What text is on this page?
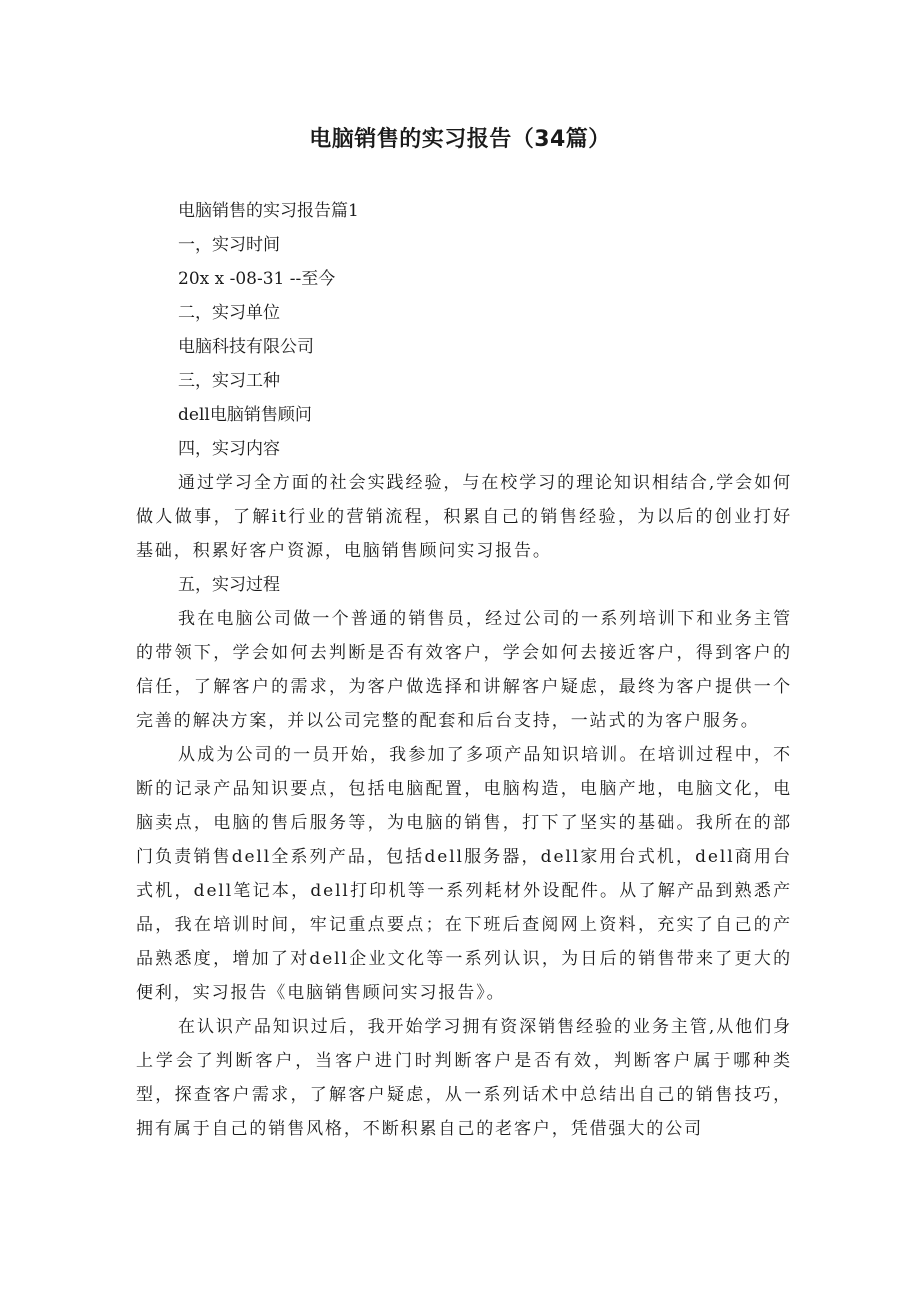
电脑销售的实习报告（34篇）
电脑销售的实习报告篇1
一，实习时间
20x x -08-31 --至今
二，实习单位
电脑科技有限公司
三，实习工种
dell电脑销售顾问
四，实习内容

通过学习全方面的社会实践经验，与在校学习的理论知识相结合,学会如何做人做事，了解it行业的营销流程，积累自己的销售经验，为以后的创业打好基础，积累好客户资源，电脑销售顾问实习报告。

五，实习过程

我在电脑公司做一个普通的销售员，经过公司的一系列培训下和业务主管的带领下，学会如何去判断是否有效客户，学会如何去接近客户，得到客户的信任，了解客户的需求，为客户做选择和讲解客户疑虑，最终为客户提供一个完善的解决方案，并以公司完整的配套和后台支持，一站式的为客户服务。

从成为公司的一员开始，我参加了多项产品知识培训。在培训过程中，不断的记录产品知识要点，包括电脑配置，电脑构造，电脑产地，电脑文化，电脑卖点，电脑的售后服务等，为电脑的销售，打下了坚实的基础。我所在的部门负责销售dell全系列产品，包括dell服务器，dell家用台式机，dell商用台式机，dell笔记本，dell打印机等一系列耗材外设配件。从了解产品到熟悉产品，我在培训时间，牢记重点要点；在下班后查阅网上资料，充实了自己的产品熟悉度，增加了对dell企业文化等一系列认识，为日后的销售带来了更大的便利，实习报告《电脑销售顾问实习报告》。

在认识产品知识过后，我开始学习拥有资深销售经验的业务主管,从他们身上学会了判断客户，当客户进门时判断客户是否有效，判断客户属于哪种类型，探查客户需求，了解客户疑虑，从一系列话术中总结出自己的销售技巧，拥有属于自己的销售风格，不断积累自己的老客户，凭借强大的公司
